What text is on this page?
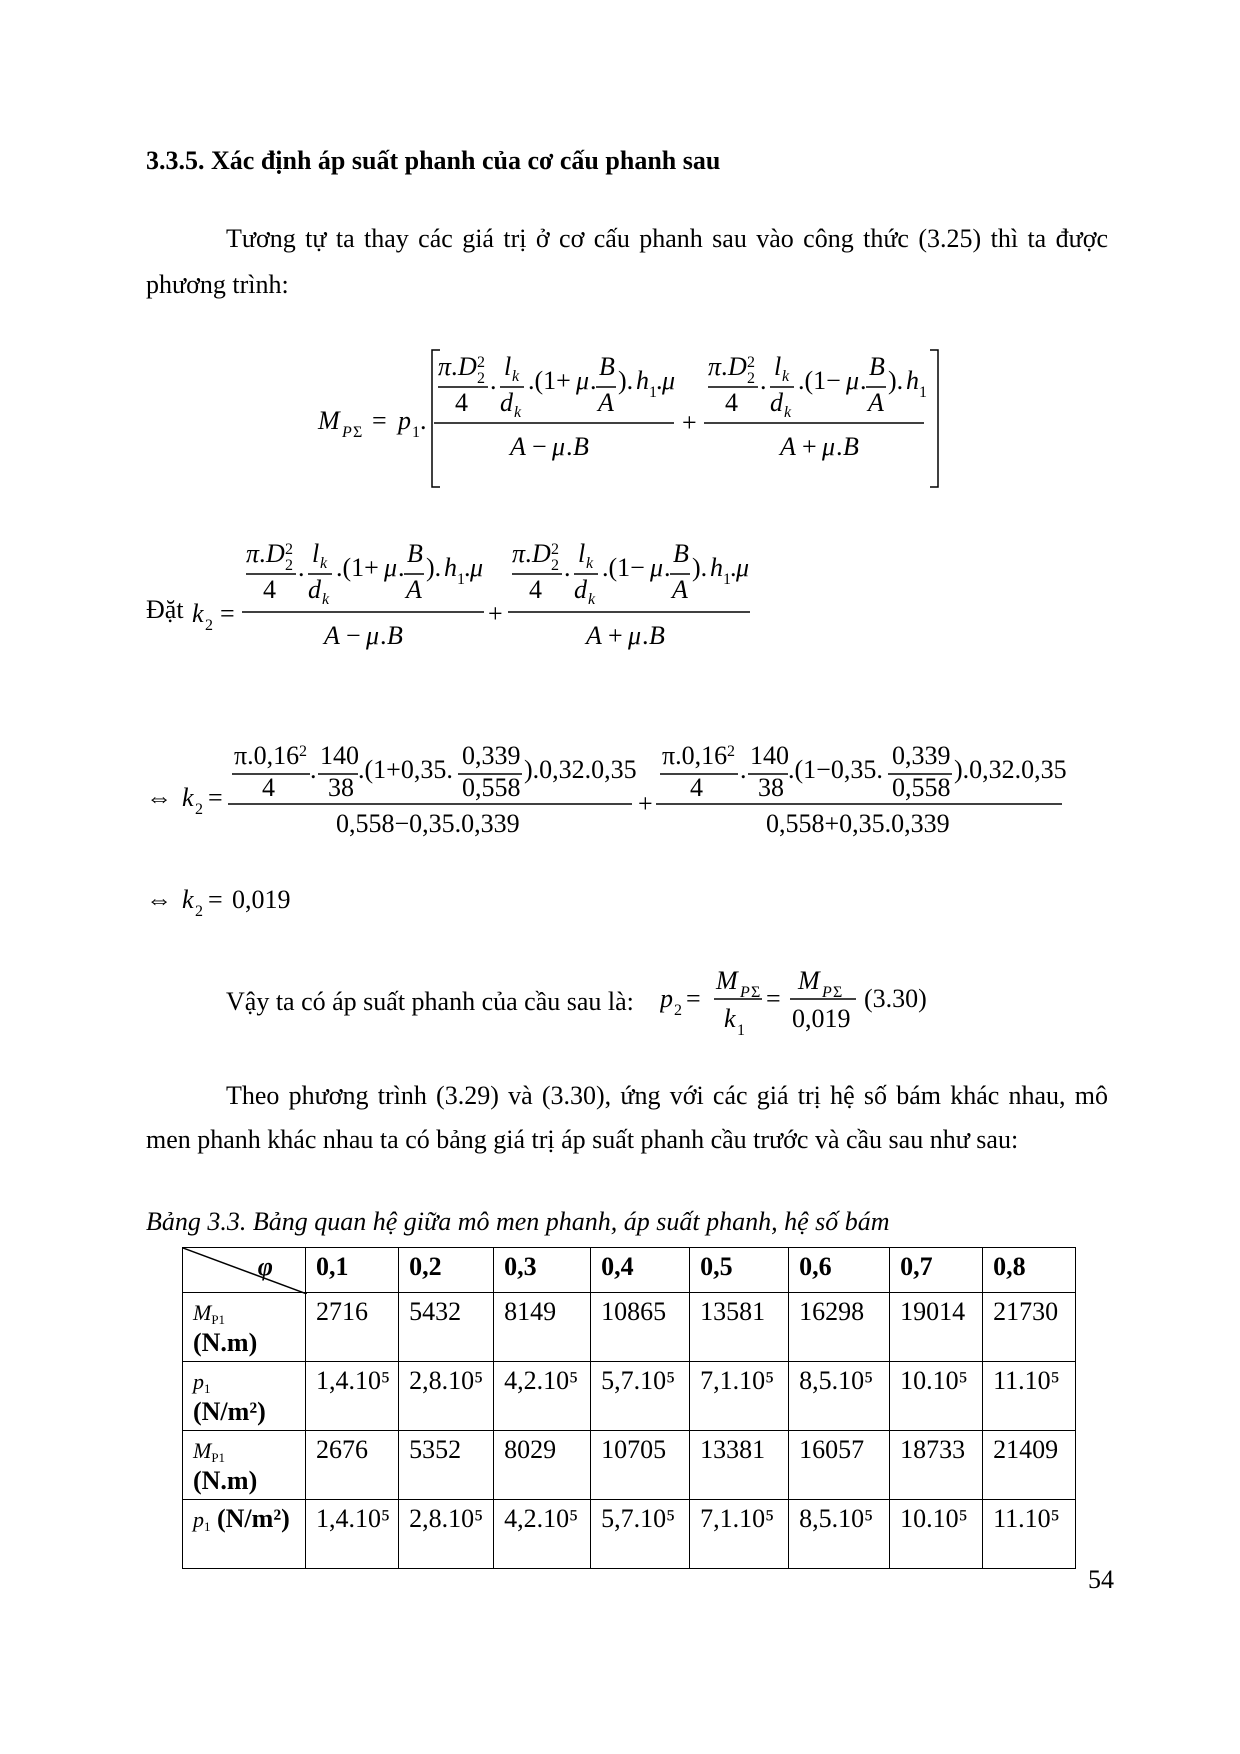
3.3.5. Xác định áp suất phanh của cơ cấu phanh sau
Tương tự ta thay các giá trị ở cơ cấu phanh sau vào công thức (3.25) thì ta được
phương trình:
M P Σ = p 1 .
π . D 2
2
4
. l k
d k
.(1+ μ . B
A
). h 1 . μ
A − μ . B
+
π . D 2
2
4
. l k
d k
.(1− μ . B
A
). h 1
A + μ . B
Đặt k 2 =
π . D 2
2
4
. l k
d k
.(1+ μ . B
A
). h 1 . μ
A − μ . B
+
π . D 2
2
4
. l k
d k
.(1− μ . B
A
). h 1 . μ
A + μ . B
⇔ k 2 =
π.0,16 2
4
. 140
38
.(1+0,35. 0,339
0,558
).0,32.0,35
0,558−0,35.0,339
+
π.0,16 2
4
. 140
38
.(1−0,35. 0,339
0,558
).0,32.0,35
0,558+0,35.0,339
⇔ k 2 = 0,019
Vậy ta có áp suất phanh của cầu sau là: p 2 =
M P Σ
k 1
=
M P Σ
0,019
(3.30)
Theo phương trình (3.29) và (3.30), ứng với các giá trị hệ số bám khác nhau, mô
men phanh khác nhau ta có bảng giá trị áp suất phanh cầu trước và cầu sau như sau:
Bảng 3.3. Bảng quan hệ giữa mô men phanh, áp suất phanh, hệ số bám
φ	0,1	0,2	0,3	0,4	0,5	0,6	0,7	0,8
$M_{P1}$
(N.m)	2716	5432	8149	10865	13581	16298	19014	21730
$p_1$
(N/m²)	1,4.10⁵	2,8.10⁵	4,2.10⁵	5,7.10⁵	7,1.10⁵	8,5.10⁵	10.10⁵	11.10⁵
$M_{P1}$
(N.m)	2676	5352	8029	10705	13381	16057	18733	21409
$p_1$ (N/m²)	1,4.10⁵	2,8.10⁵	4,2.10⁵	5,7.10⁵	7,1.10⁵	8,5.10⁵	10.10⁵	11.10⁵
54
